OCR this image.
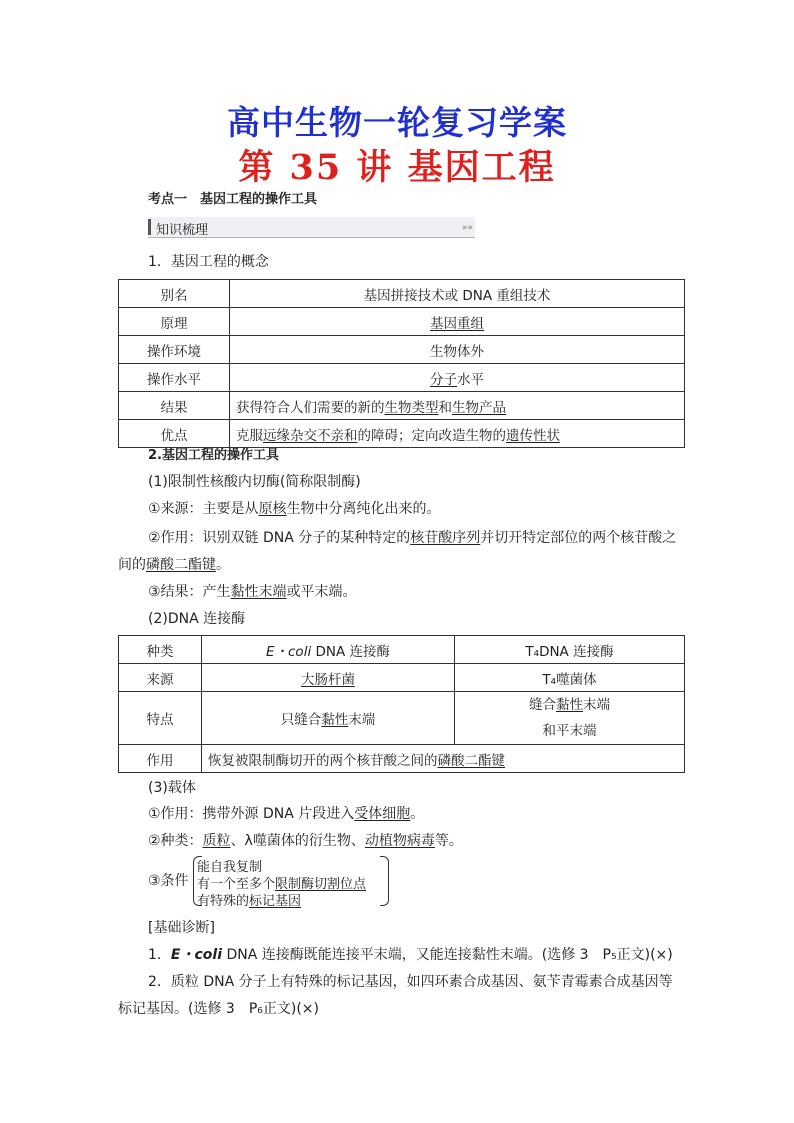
高中生物一轮复习学案
第 35 讲 基因工程
考点一　基因工程的操作工具
知识梳理	»»
1．基因工程的概念
别名	基因拼接技术或 DNA 重组技术
原理	基因重组
操作环境	生物体外
操作水平	分子水平
结果	获得符合人们需要的新的生物类型和生物产品
优点	克服远缘杂交不亲和的障碍；定向改造生物的遗传性状
2.基因工程的操作工具
(1)限制性核酸内切酶(简称限制酶)
①来源：主要是从原核生物中分离纯化出来的。
②作用：识别双链 DNA 分子的某种特定的核苷酸序列并切开特定部位的两个核苷酸之
间的磷酸二酯键。
③结果：产生黏性末端或平末端。
(2)DNA 连接酶
种类	E・coli DNA 连接酶	T₄DNA 连接酶
来源	大肠杆菌	T₄噬菌体
特点	只缝合黏性末端	缝合黏性末端
和平末端
作用	恢复被限制酶切开的两个核苷酸之间的磷酸二酯键	
(3)载体
①作用：携带外源 DNA 片段进入受体细胞。
②种类：质粒、λ噬菌体的衍生物、动植物病毒等。
③条件
能自我复制
有一个至多个限制酶切割位点
有特殊的标记基因
[基础诊断]
1．E・coli DNA 连接酶既能连接平末端，又能连接黏性末端。(选修 3　P₅正文)(×)
2．质粒 DNA 分子上有特殊的标记基因，如四环素合成基因、氨苄青霉素合成基因等
标记基因。(选修 3　P₆正文)(×)
